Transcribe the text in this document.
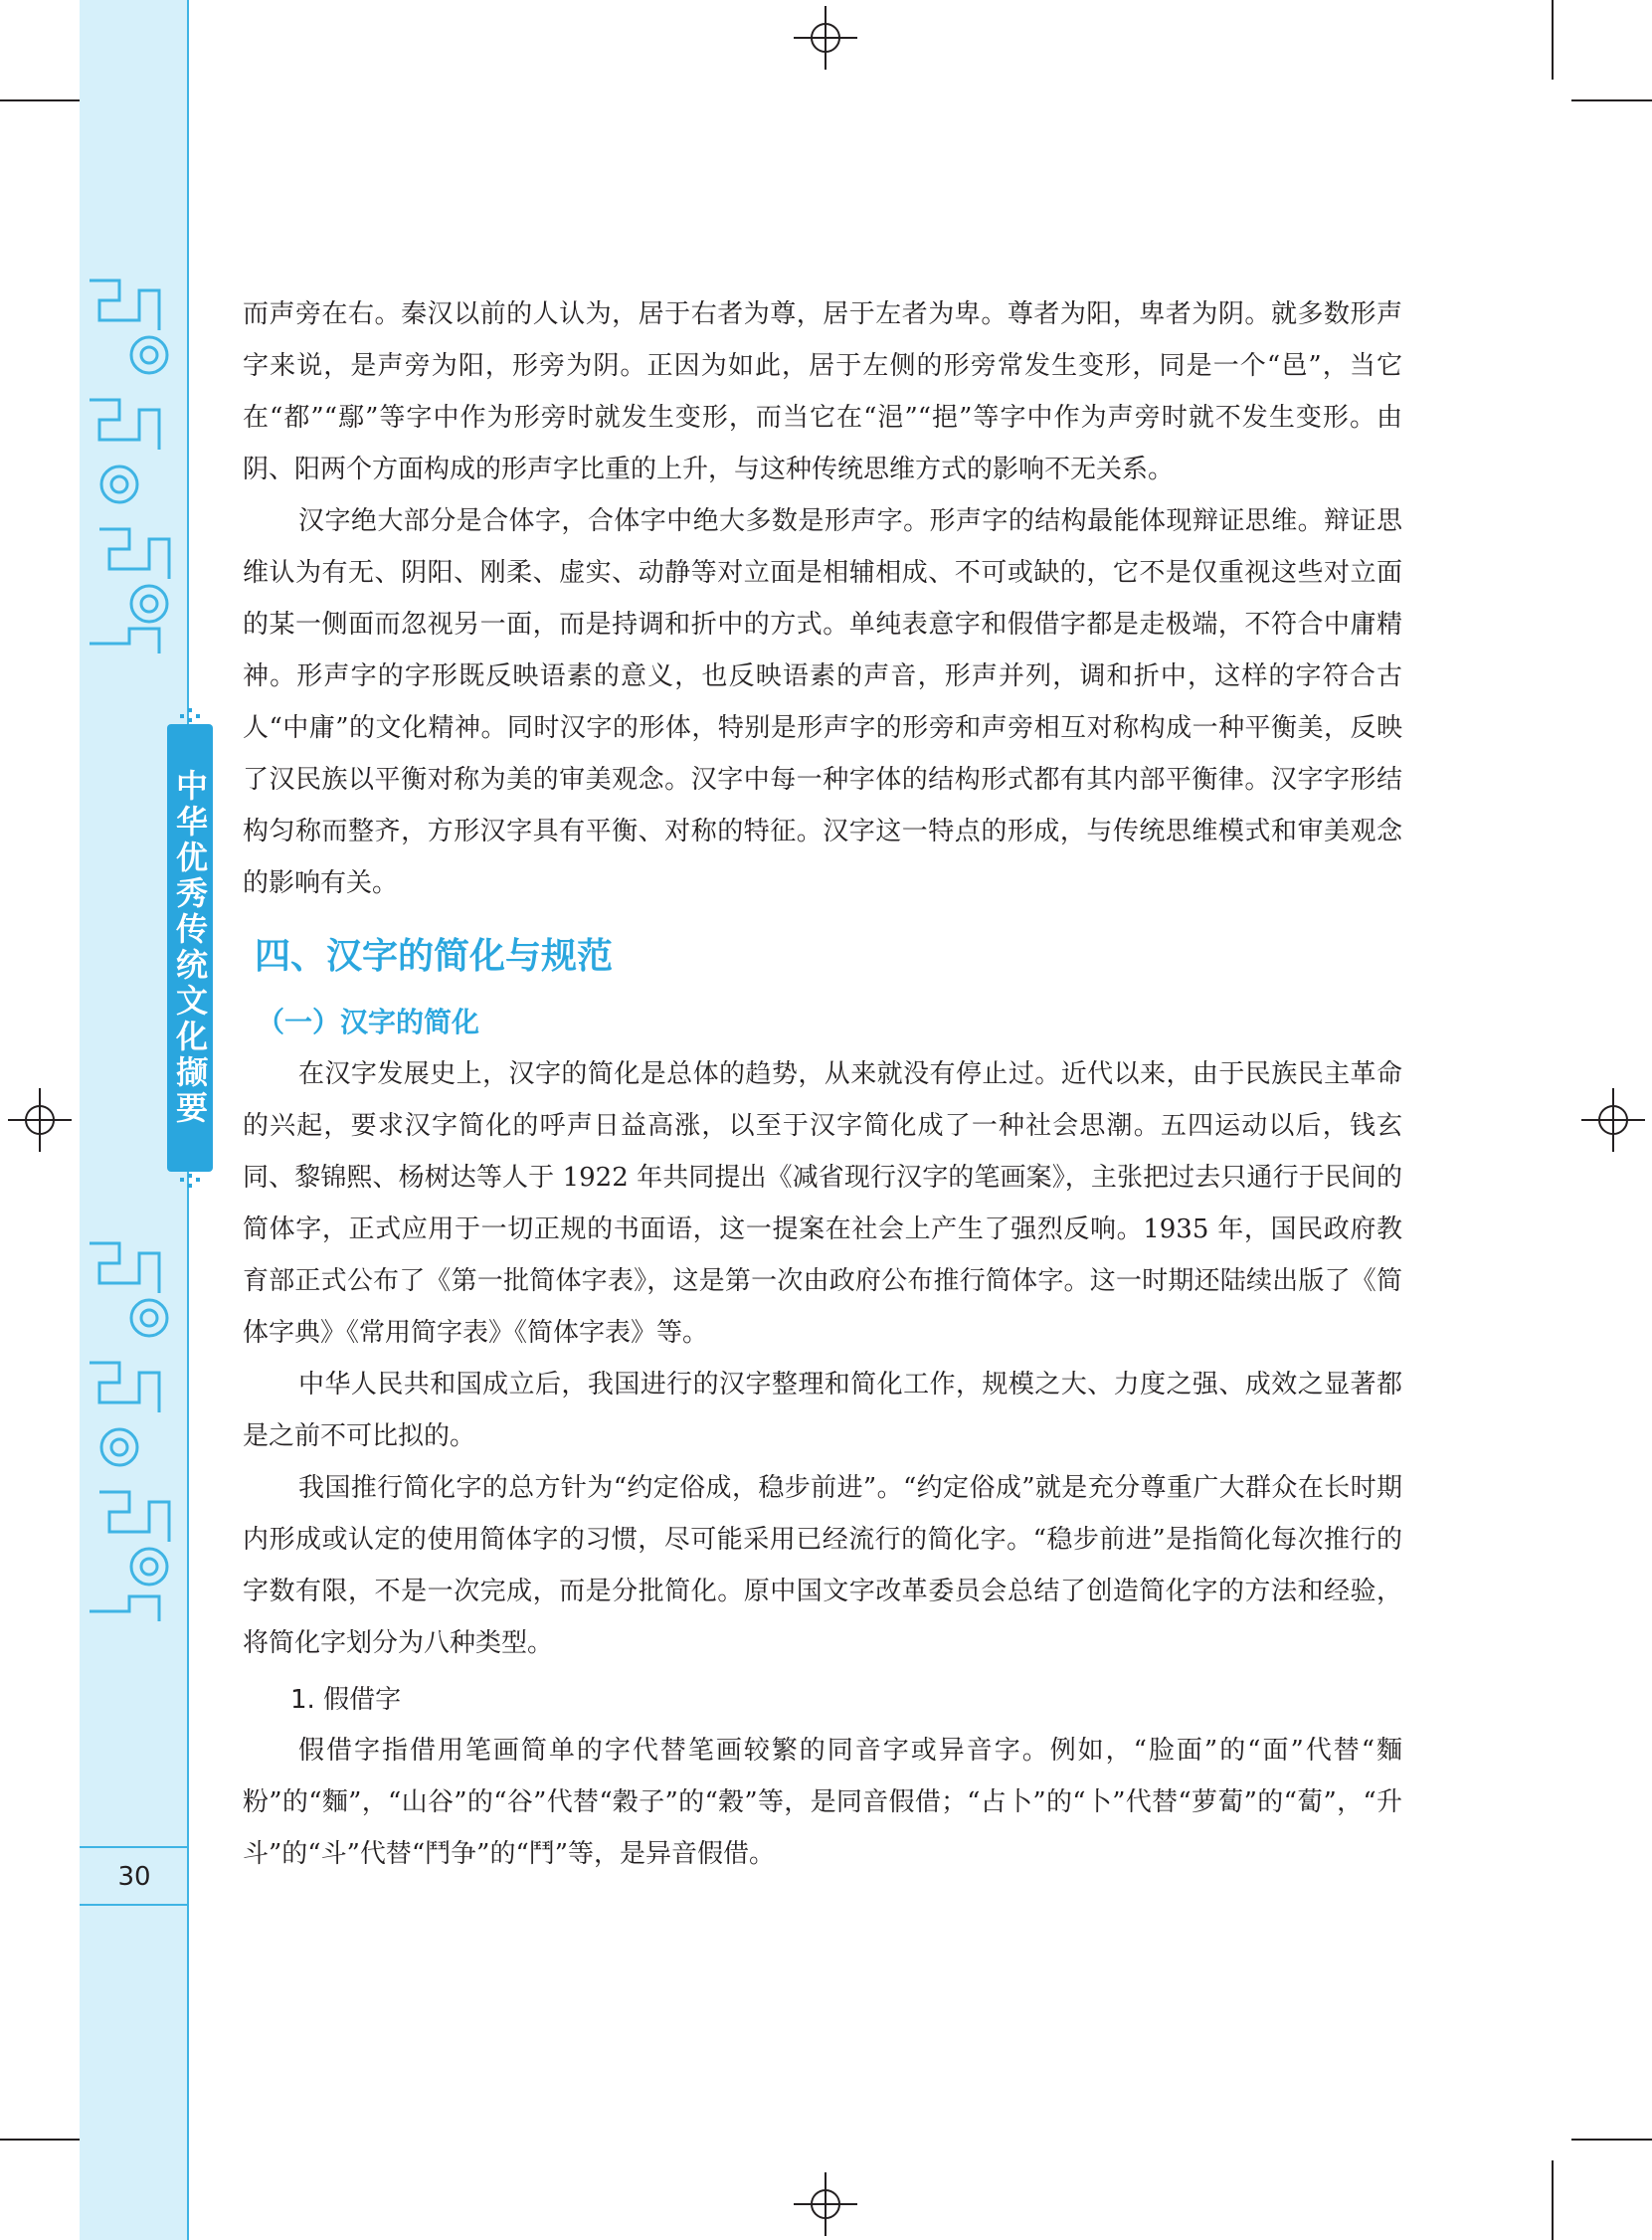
中华优秀传统文化撷要
30

而声旁在右。秦汉以前的人认为，居于右者为尊，居于左者为卑。尊者为阳，卑者为阴。就多数形声字来说，是声旁为阳，形旁为阴。正因为如此，居于左侧的形旁常发生变形，同是一个“邑”，当它在“都”“鄢”等字中作为形旁时就发生变形，而当它在“浥”“挹”等字中作为声旁时就不发生变形。由阴、阳两个方面构成的形声字比重的上升，与这种传统思维方式的影响不无关系。

汉字绝大部分是合体字，合体字中绝大多数是形声字。形声字的结构最能体现辩证思维。辩证思维认为有无、阴阳、刚柔、虚实、动静等对立面是相辅相成、不可或缺的，它不是仅重视这些对立面的某一侧面而忽视另一面，而是持调和折中的方式。单纯表意字和假借字都是走极端，不符合中庸精神。形声字的字形既反映语素的意义，也反映语素的声音，形声并列，调和折中，这样的字符合古人“中庸”的文化精神。同时汉字的形体，特别是形声字的形旁和声旁相互对称构成一种平衡美，反映了汉民族以平衡对称为美的审美观念。汉字中每一种字体的结构形式都有其内部平衡律。汉字字形结构匀称而整齐，方形汉字具有平衡、对称的特征。汉字这一特点的形成，与传统思维模式和审美观念的影响有关。

四、汉字的简化与规范
（一）汉字的简化

在汉字发展史上，汉字的简化是总体的趋势，从来就没有停止过。近代以来，由于民族民主革命的兴起，要求汉字简化的呼声日益高涨，以至于汉字简化成了一种社会思潮。五四运动以后，钱玄同、黎锦熙、杨树达等人于 1922 年共同提出《减省现行汉字的笔画案》，主张把过去只通行于民间的简体字，正式应用于一切正规的书面语，这一提案在社会上产生了强烈反响。1935 年，国民政府教育部正式公布了《第一批简体字表》，这是第一次由政府公布推行简体字。这一时期还陆续出版了《简体字典》《常用简字表》《简体字表》等。

中华人民共和国成立后，我国进行的汉字整理和简化工作，规模之大、力度之强、成效之显著都是之前不可比拟的。

我国推行简化字的总方针为“约定俗成，稳步前进”。“约定俗成”就是充分尊重广大群众在长时期内形成或认定的使用简体字的习惯，尽可能采用已经流行的简化字。“稳步前进”是指简化每次推行的字数有限，不是一次完成，而是分批简化。原中国文字改革委员会总结了创造简化字的方法和经验，将简化字划分为八种类型。

1. 假借字

假借字指借用笔画简单的字代替笔画较繁的同音字或异音字。例如，“脸面”的“面”代替“麵粉”的“麵”，“山谷”的“谷”代替“穀子”的“穀”等，是同音假借；“占卜”的“卜”代替“萝蔔”的“蔔”，“升斗”的“斗”代替“鬥争”的“鬥”等，是异音假借。
